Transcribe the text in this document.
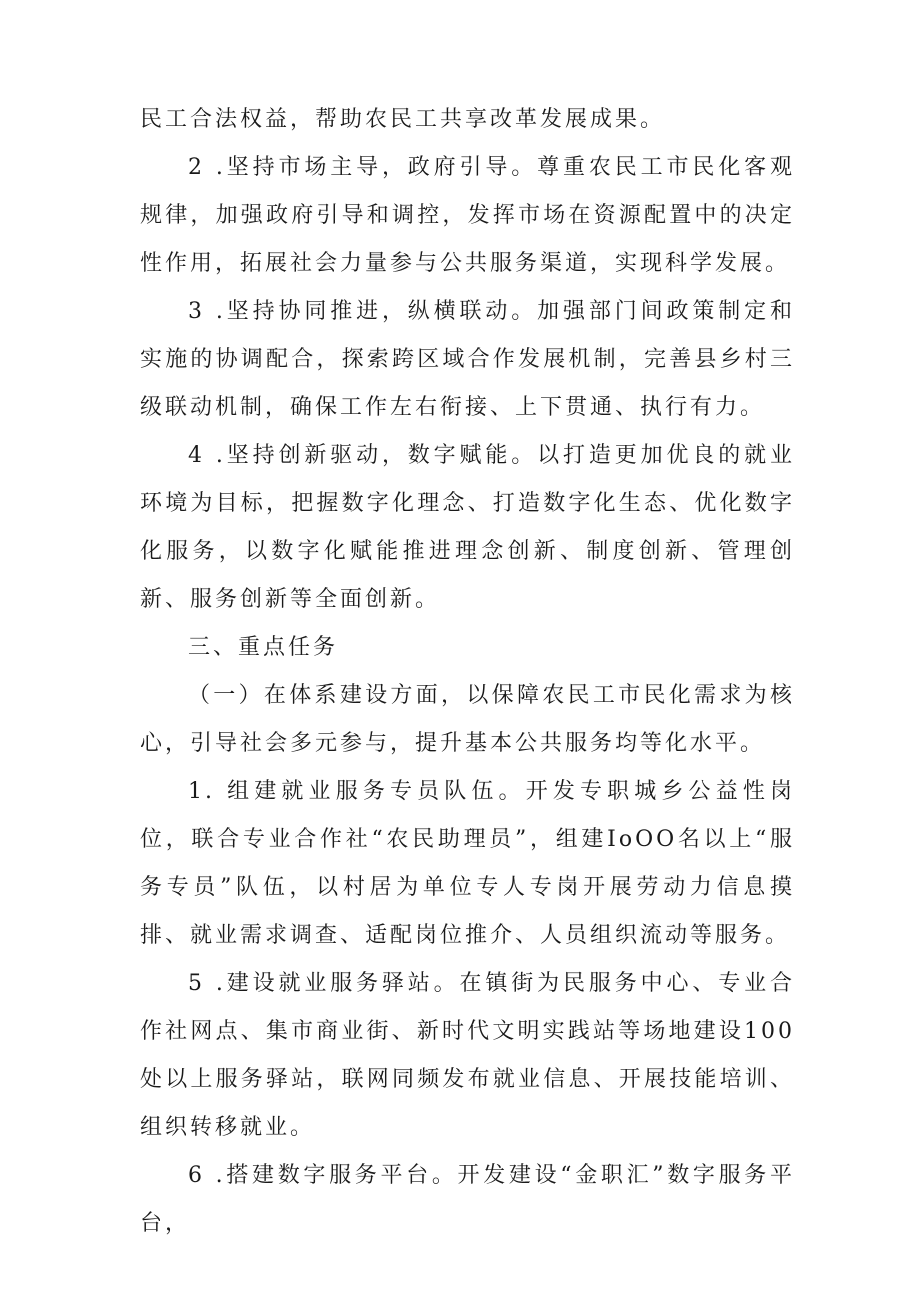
民工合法权益，帮助农民工共享改革发展成果。

2 .坚持市场主导，政府引导。尊重农民工市民化客观规律，加强政府引导和调控，发挥市场在资源配置中的决定性作用，拓展社会力量参与公共服务渠道，实现科学发展。

3 .坚持协同推进，纵横联动。加强部门间政策制定和实施的协调配合，探索跨区域合作发展机制，完善县乡村三级联动机制，确保工作左右衔接、上下贯通、执行有力。

4 .坚持创新驱动，数字赋能。以打造更加优良的就业环境为目标，把握数字化理念、打造数字化生态、优化数字化服务，以数字化赋能推进理念创新、制度创新、管理创新、服务创新等全面创新。

三、重点任务

（一）在体系建设方面，以保障农民工市民化需求为核心，引导社会多元参与，提升基本公共服务均等化水平。

1. 组建就业服务专员队伍。开发专职城乡公益性岗位，联合专业合作社“农民助理员”，组建IoOO名以上“服务专员”队伍，以村居为单位专人专岗开展劳动力信息摸排、就业需求调查、适配岗位推介、人员组织流动等服务。

5 .建设就业服务驿站。在镇街为民服务中心、专业合作社网点、集市商业街、新时代文明实践站等场地建设100处以上服务驿站，联网同频发布就业信息、开展技能培训、组织转移就业。

6 .搭建数字服务平台。开发建设“金职汇”数字服务平台，
